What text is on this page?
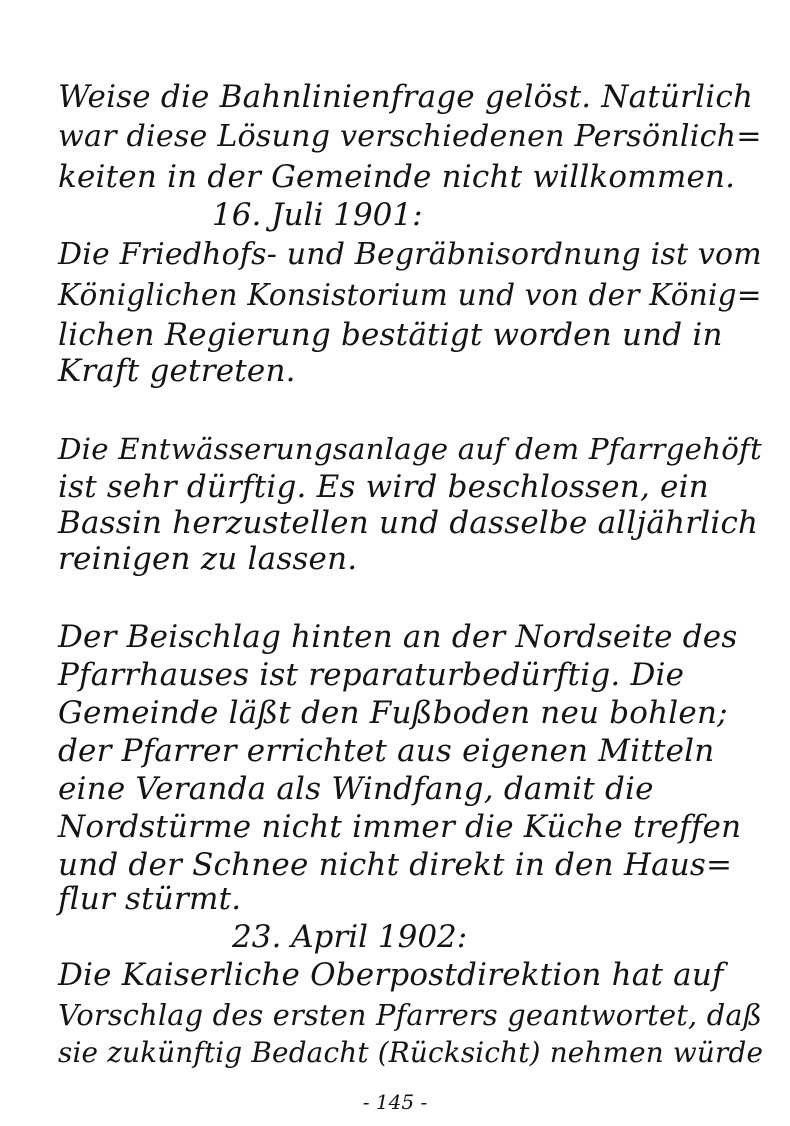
Weise die Bahnlinienfrage gelöst. Natürlich
war diese Lösung verschiedenen Persönlich=
keiten in der Gemeinde nicht willkommen.
16. Juli 1901:
Die Friedhofs- und Begräbnisordnung ist vom
Königlichen Konsistorium und von der König=
lichen Regierung bestätigt worden und in
Kraft getreten.
Die Entwässerungsanlage auf dem Pfarrgehöft
ist sehr dürftig. Es wird beschlossen, ein
Bassin herzustellen und dasselbe alljährlich
reinigen zu lassen.
Der Beischlag hinten an der Nordseite des
Pfarrhauses ist reparaturbedürftig. Die
Gemeinde läßt den Fußboden neu bohlen;
der Pfarrer errichtet aus eigenen Mitteln
eine Veranda als Windfang, damit die
Nordstürme nicht immer die Küche treffen
und der Schnee nicht direkt in den Haus=
flur stürmt.
23. April 1902:
Die Kaiserliche Oberpostdirektion hat auf
Vorschlag des ersten Pfarrers geantwortet, daß
sie zukünftig Bedacht (Rücksicht) nehmen würde
- 145 -
